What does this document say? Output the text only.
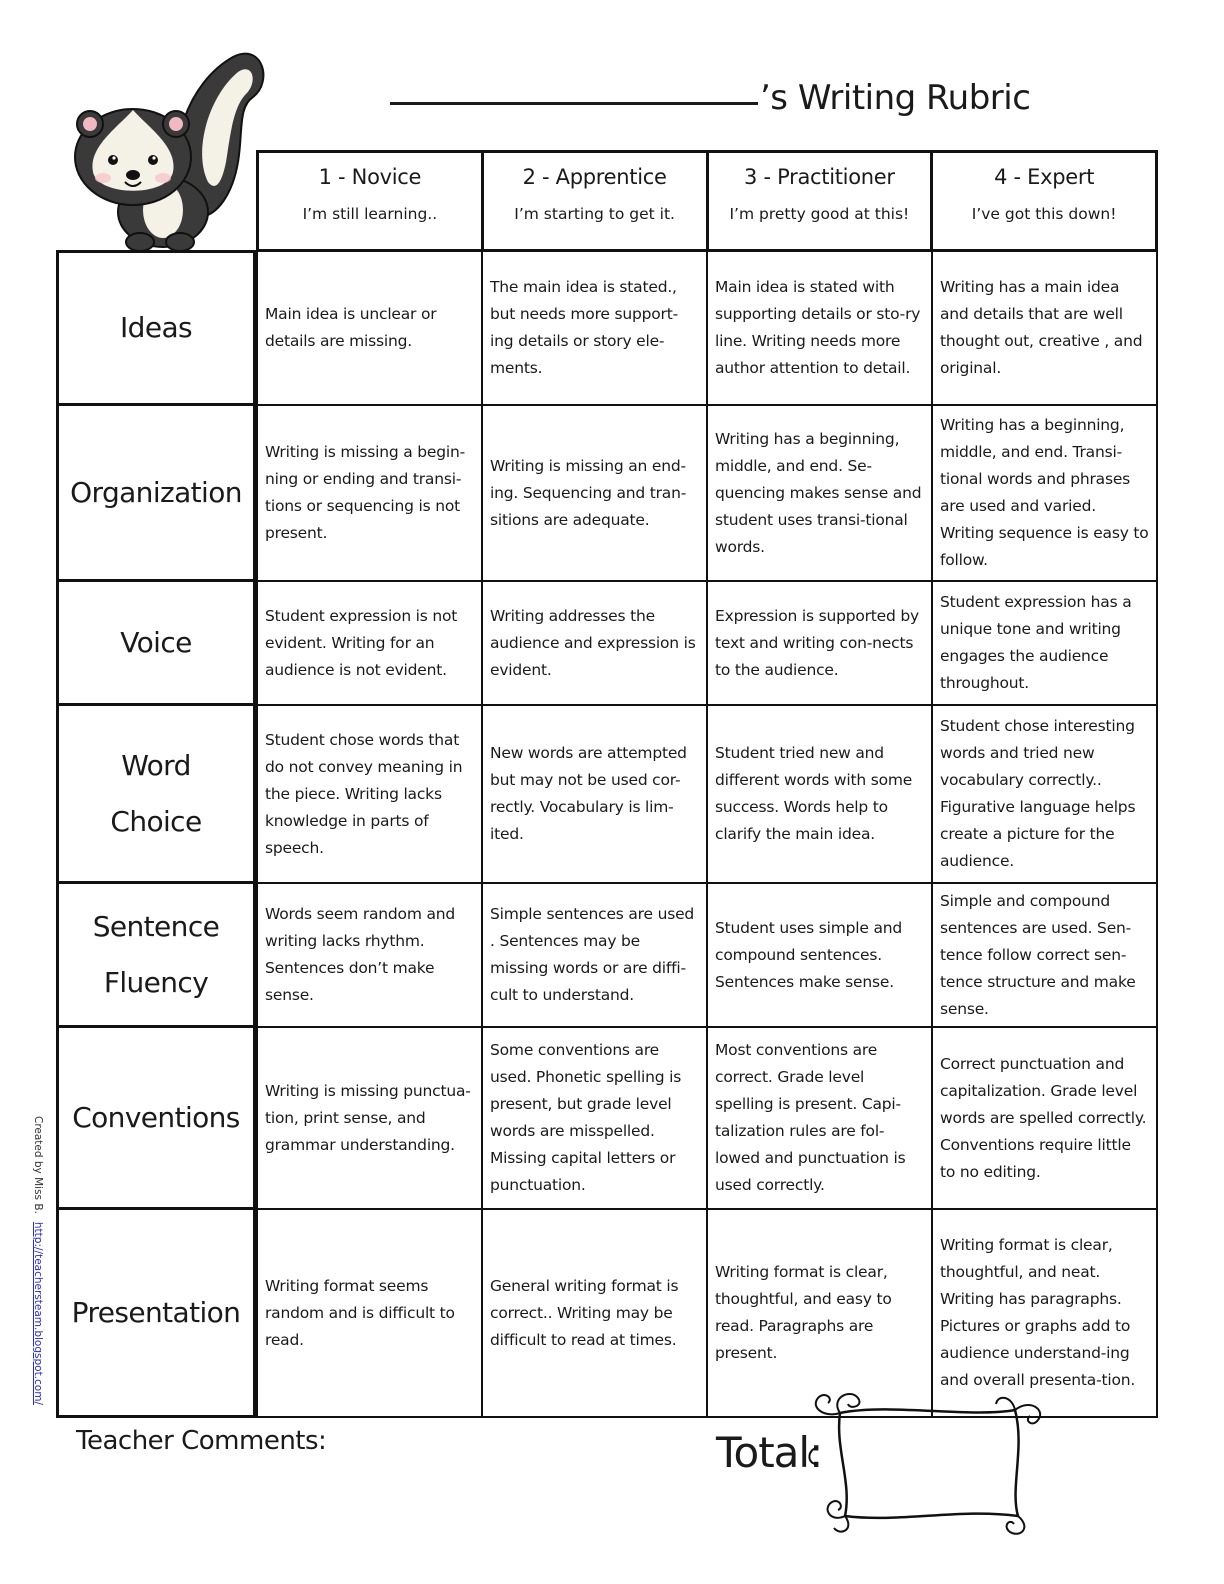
’s Writing Rubric
1 - Novice
I’m still learning..
2 - Apprentice
I’m starting to get it.
3 - Practitioner
I’m pretty good at this!
4 - Expert
I’ve got this down!
Ideas	Main idea is unclear or details are missing.
The main idea is stated., but needs more support-ing details or story ele-ments.
Main idea is stated with supporting details or sto-ry line. Writing needs more author attention to detail.
Writing has a main idea and details that are well thought out, creative , and original.
Organization
Writing is missing a begin-ning or ending and transi-tions or sequencing is not present.
Writing is missing an end-ing. Sequencing and tran-sitions are adequate.
Writing has a beginning, middle, and end. Se-quencing makes sense and student uses transi-tional words.
Writing has a beginning, middle, and end. Transi-tional words and phrases are used and varied. Writing sequence is easy to follow.
Voice
Student expression is not evident. Writing for an audience is not evident.
Writing addresses the audience and expression is evident.
Expression is supported by text and writing con-nects to the audience.
Student expression has a unique tone and writing engages the audience throughout.
Word
Choice
Student chose words that do not convey meaning in the piece. Writing lacks knowledge in parts of speech.
New words are attempted but may not be used cor-rectly. Vocabulary is lim-ited.
Student tried new and different words with some success. Words help to clarify the main idea.
Student chose interesting words and tried new vocabulary correctly.. Figurative language helps create a picture for the audience.
Sentence
Fluency
Words seem random and writing lacks rhythm. Sentences don’t make sense.
Simple sentences are used . Sentences may be missing words or are diffi-cult to understand.
Student uses simple and compound sentences. Sentences make sense.
Simple and compound sentences are used. Sen-tence follow correct sen-tence structure and make sense.
Conventions
Writing is missing punctua-tion, print sense, and grammar understanding.
Some conventions are used. Phonetic spelling is present, but grade level words are misspelled. Missing capital letters or punctuation.
Most conventions are correct. Grade level spelling is present. Capi-talization rules are fol-lowed and punctuation is used correctly.
Correct punctuation and capitalization. Grade level words are spelled correctly. Conventions require little to no editing.
Presentation
Writing format seems random and is difficult to read.
General writing format is correct.. Writing may be difficult to read at times.
Writing format is clear, thoughtful, and easy to read. Paragraphs are present.
Writing format is clear, thoughtful, and neat. Writing has paragraphs. Pictures or graphs add to audience understand-ing and overall presenta-tion.
Created by Miss B.http://teachersteam.blogspot.com/
Teacher Comments:	Total:
